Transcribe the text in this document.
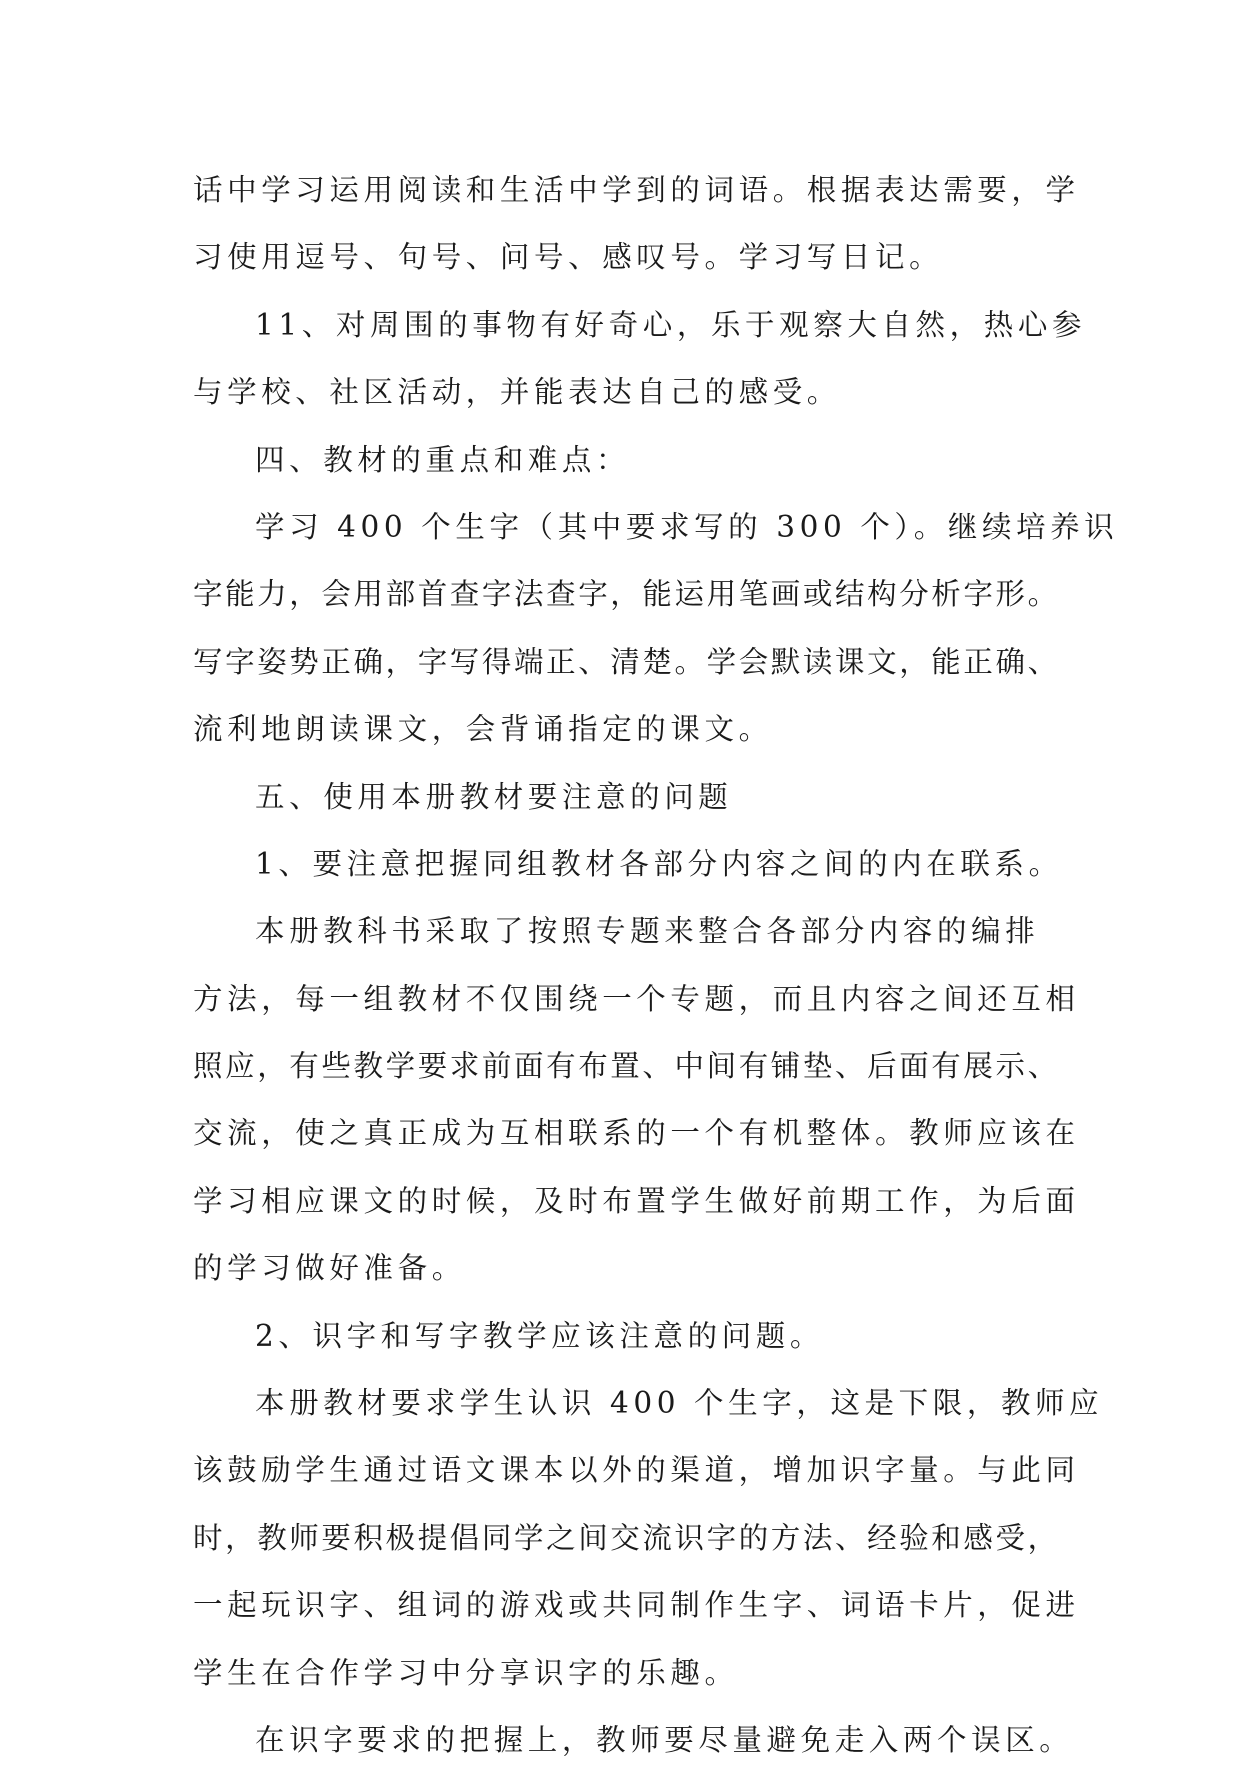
话中学习运用阅读和生活中学到的词语。根据表达需要，学
习使用逗号、句号、问号、感叹号。学习写日记。
11、对周围的事物有好奇心，乐于观察大自然，热心参
与学校、社区活动，并能表达自己的感受。
四、教材的重点和难点：
学习 400 个生字（其中要求写的 300 个）。继续培养识
字能力，会用部首查字法查字，能运用笔画或结构分析字形。
写字姿势正确，字写得端正、清楚。学会默读课文，能正确、
流利地朗读课文，会背诵指定的课文。
五、使用本册教材要注意的问题
1、要注意把握同组教材各部分内容之间的内在联系。
本册教科书采取了按照专题来整合各部分内容的编排
方法，每一组教材不仅围绕一个专题，而且内容之间还互相
照应，有些教学要求前面有布置、中间有铺垫、后面有展示、
交流，使之真正成为互相联系的一个有机整体。教师应该在
学习相应课文的时候，及时布置学生做好前期工作，为后面
的学习做好准备。
2、识字和写字教学应该注意的问题。
本册教材要求学生认识 400 个生字，这是下限，教师应
该鼓励学生通过语文课本以外的渠道，增加识字量。与此同
时，教师要积极提倡同学之间交流识字的方法、经验和感受，
一起玩识字、组词的游戏或共同制作生字、词语卡片，促进
学生在合作学习中分享识字的乐趣。
在识字要求的把握上，教师要尽量避免走入两个误区。
